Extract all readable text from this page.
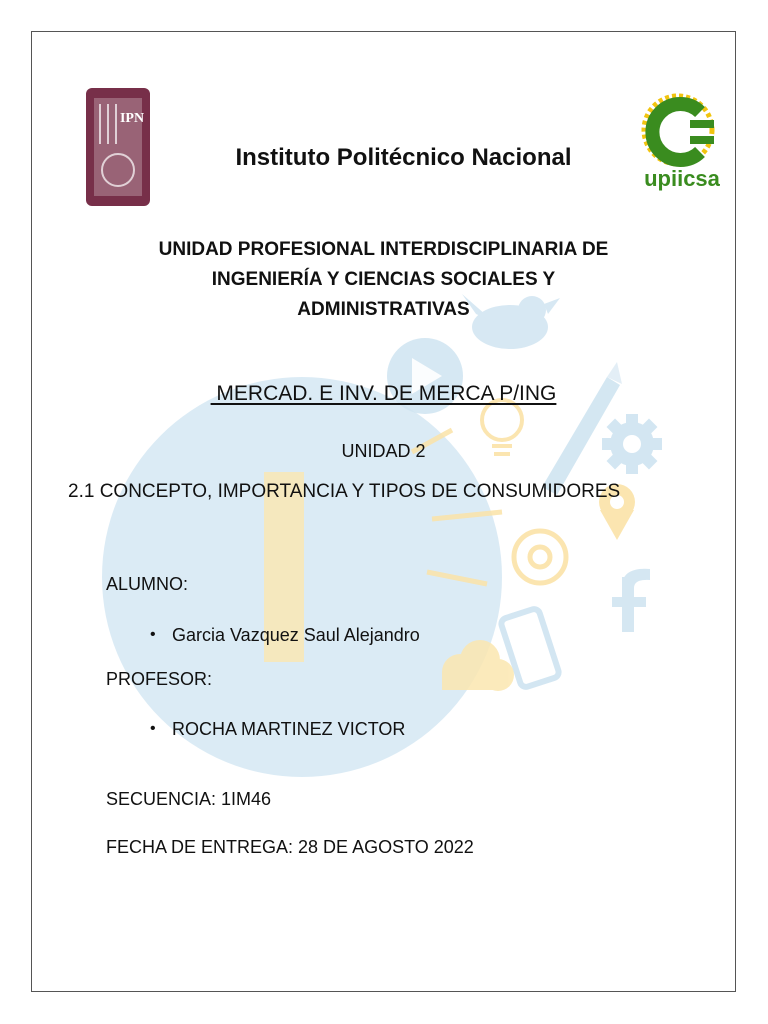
IPN
upiicsa
Instituto Politécnico Nacional
UNIDAD PROFESIONAL INTERDISCIPLINARIA DE
INGENIERÍA Y CIENCIAS SOCIALES Y
ADMINISTRATIVAS
MERCAD. E INV. DE MERCA P/ING
UNIDAD 2
2.1 CONCEPTO, IMPORTANCIA Y TIPOS DE CONSUMIDORES
ALUMNO:
• Garcia Vazquez Saul Alejandro
PROFESOR:
• ROCHA MARTINEZ VICTOR
SECUENCIA: 1IM46
FECHA DE ENTREGA: 28 DE AGOSTO 2022
